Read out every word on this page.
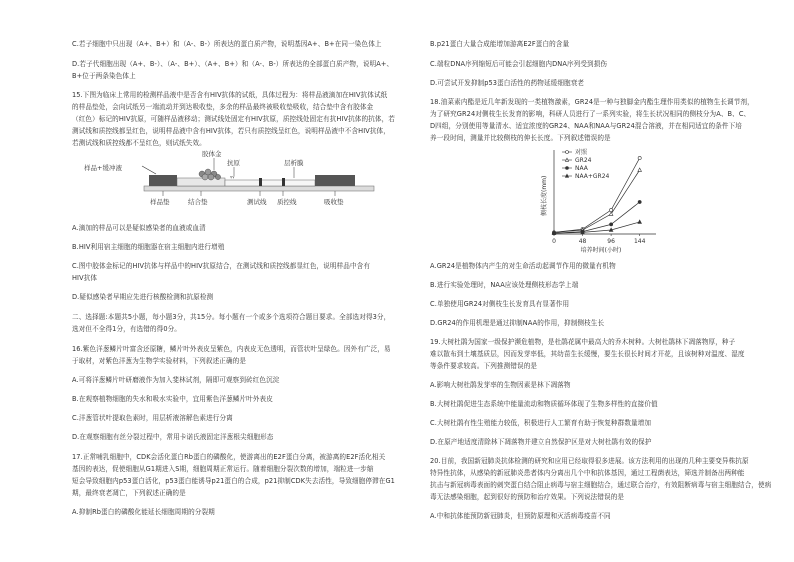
C.若子细胞中只出现（A+、B+）和（A-、B-）所表达的蛋白质产物，说明基因A+、B+在同一染色体上
D.若子代细胞出现（A+、B-）、（A-、B+）、（A+、B+）和（A-、B-）所表达的全部蛋白质产物，说明A+、
B+位于两条染色体上
15.下图为临床上常用的检测样品液中是否含有HIV抗体的试纸，具体过程为：将样品液滴加在HIV抗体试纸
的样品垫处，会向试纸另一端流动并到达吸收垫，多余的样品最终被吸收垫吸收，结合垫中含有胶体金
（红色）标记的HIV抗原，可随样品液移动；测试线处固定有HIV抗原，质控线处固定有抗HIV抗体的抗体，若
测试线和质控线都呈红色，说明样品液中含有HIV抗体，若只有质控线呈红色，说明样品液中不含HIV抗体，
若测试线和质控线都不呈红色，则试纸失效。
胶体金
抗原	层析膜
样品+缓冲液
ᵞᵞ
样品垫	结合垫	测试线 质控线	吸收垫
A.滴加的样品可以是疑似感染者的血液或血清
B.HIV利用宿主细胞的细胞器在宿主细胞内进行增殖
C.图中胶体金标记的HIV抗体与样品中的HIV抗原结合，在测试线和质控线都显红色，说明样品中含有
HIV抗体
D.疑似感染者早期应先进行核酸检测和抗原检测
二、选择题:本题共5小题，每小题3分，共15分。每小题有一个或多个选项符合题目要求。全部选对得3分，
选对但不全得1分，有选错的得0分。
16.紫色洋葱鳞片叶富含还原糖，鳞片叶外表皮呈紫色，内表皮无色透明，而管状叶呈绿色。因外有广泛，易
于取材，对紫色洋葱为生物学实验材料，下列叙述正确的是
A.可将洋葱鳞片叶研磨液作为加入斐林试剂，隔即可观察到砖红色沉淀
B.在观察植物细胞的失水和吸水实验中，宜用紫色洋葱鳞片叶外表皮
C.洋葱管状叶提取色素时，用层析液溶解色素进行分离
D.在观察细胞有丝分裂过程中，常用卡诺氏液固定洋葱根尖细胞形态
17.正常哺乳细胞中，CDK会活化蛋白Rb蛋白的磷酸化，使游离出的E2F蛋白分离，被游离的E2F活化相关
基因的表达，促使细胞从G1期进入S期，细胞周期正常运行。随着细胞分裂次数的增加，端粒进一步缩
短会导致细胞内p53蛋白活化，p53蛋白能诱导p21蛋白的合成，p21抑制CDK失去活性，导致细胞停滞在G1
期，最终衰老凋亡，下列叙述正确的是
A.抑制Rb蛋白的磷酸化能延长细胞周期的分裂期
B.p21蛋白大量合成能增加游离E2F蛋白的含量
C.端粒DNA序列缩短后可能会引起细胞内DNA序列受到损伤
D.可尝试开发抑制p53蛋白活性的药物延缓细胞衰老
18.油菜素内酯是近几年新发现的一类植物激素，GR24是一种与独脚金内酯生理作用类似的植物生长调节剂，
为了研究GR24对侧枝生长发育的影响，科研人员进行了一系列实验，将生长状况相同的侧枝分为A、B、C、
D四组，分别使用等量清水、适宜浓度的GR24、NAA和NAA与GR24混合溶液，并在相同适宜的条件下培
养一段时间，测量并比较侧枝的伸长长度。下列叙述错误的是
侧枝长度(mm)
0	48	96	144
培养时间(小时)
对照
GR24
NAA
NAA+GR24
A.GR24是植物体内产生的对生命活动起调节作用的微量有机物
B.进行实验处理时，NAA应该处理侧枝形态学上端
C.单独使用GR24对侧枝生长发育具有显著作用
D.GR24的作用机理是通过抑制NAA的作用，抑制侧枝生长
19.大树杜鹃为国家一级保护濒危植物，是杜鹃花属中最高大的乔木树种。大树杜鹃林下凋落物厚，种子
难以散布到土壤基质层，因而发芽率低，其幼苗生长缓慢，要生长很长时间才开花，且该树种对温度、湿度
等条件要求较高。下列推测错误的是
A.影响大树杜鹃发芽率的生物因素是林下凋落物
B.大树杜鹃促进生态系统中能量流动和物质循环体现了生物多样性的直接价值
C.大树杜鹃有性生殖能力较低，积极进行人工繁育有助于恢复种群数量增加
D.在原产地适度清除林下凋落物并建立自然保护区是对大树杜鹃有效的保护
20.目前，我国新冠肺炎抗体检测的研究和应用已经取得很多进展。该方法利用的出现的几种主要变异株抗原
特异性抗体，从感染的新冠肺炎患者体内分离出几个中和抗体基因，通过工程菌表达，筛选并制备出两种能
抗击与新冠病毒表面的刺突蛋白结合阻止病毒与宿主细胞结合，通过联合治疗，有效阻断病毒与宿主细胞结合，使病
毒无法感染细胞，起到很好的预防和治疗效果。下列说法错误的是
A.中和抗体能预防新冠肺炎，但预防原理和灭活病毒疫苗不同
